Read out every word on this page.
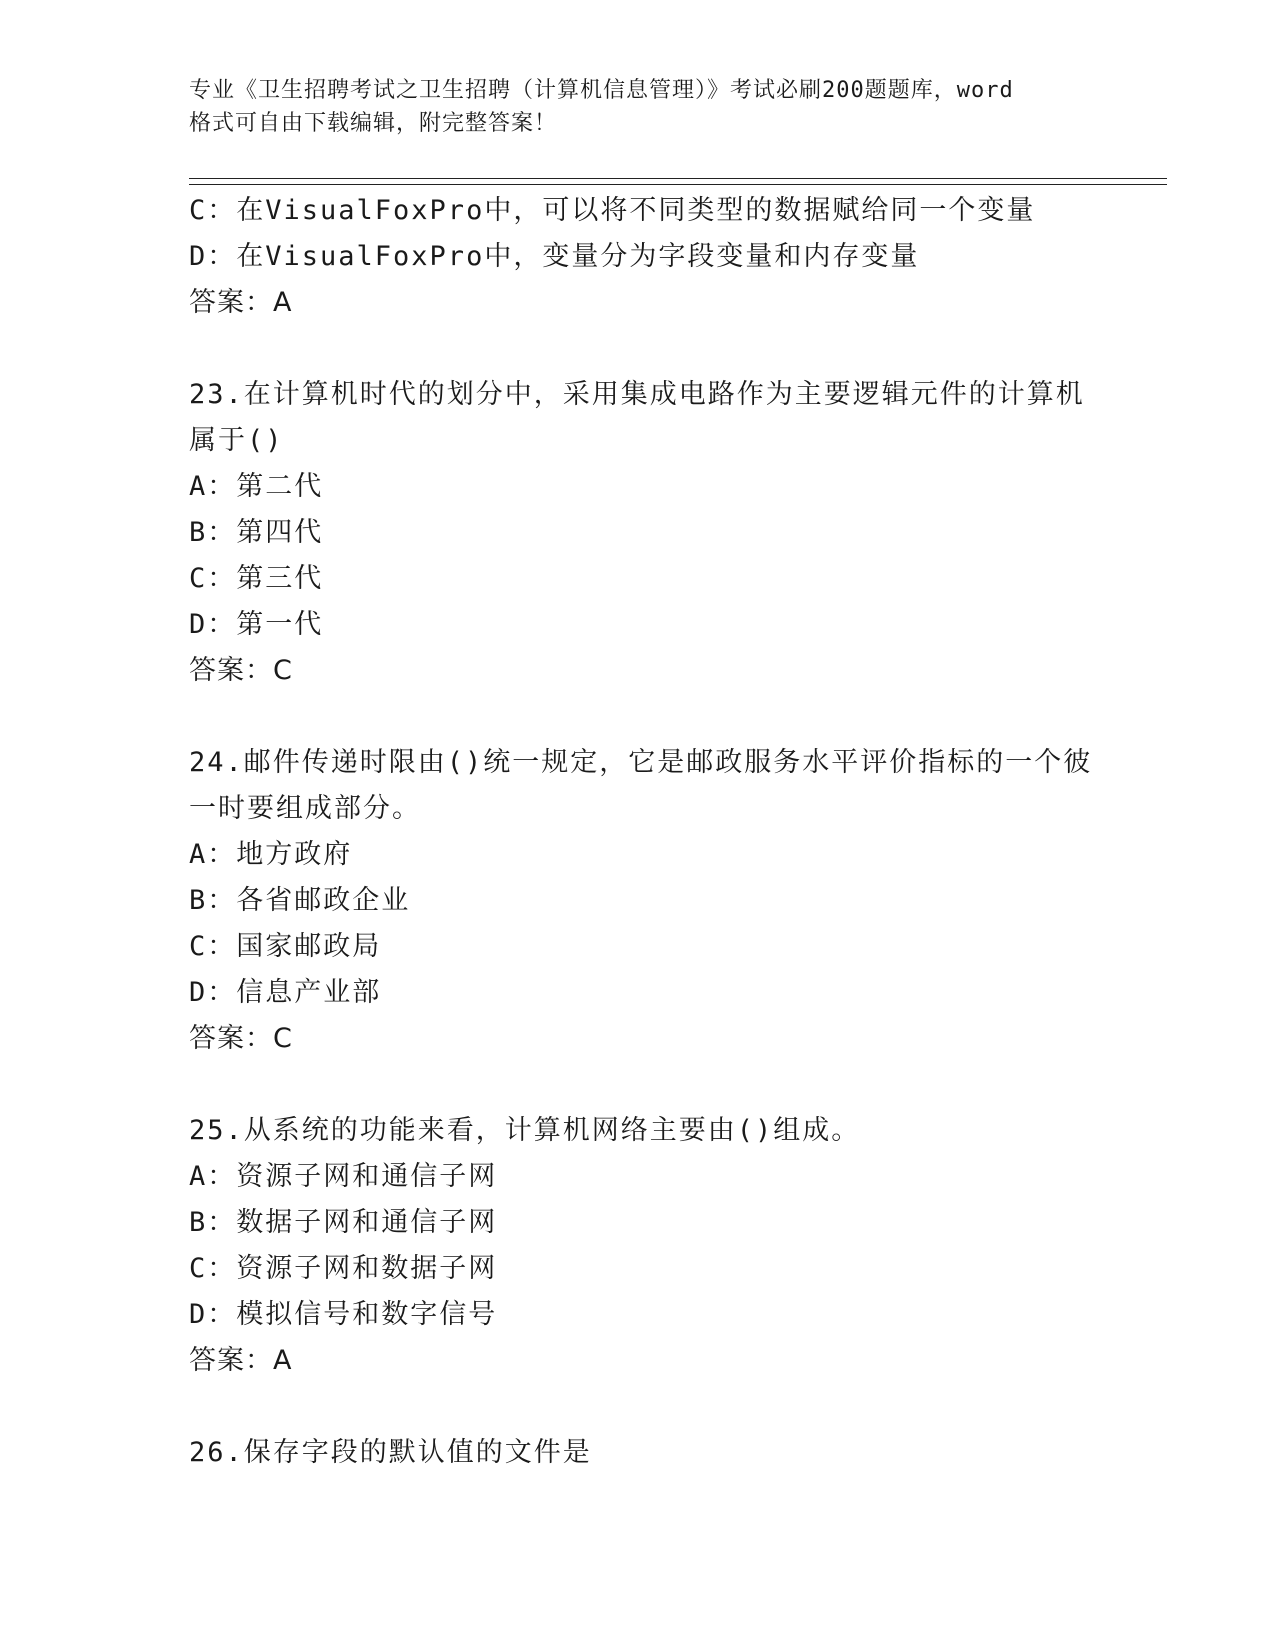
专业《卫生招聘考试之卫生招聘（计算机信息管理）》考试必刷200题题库，word
格式可自由下载编辑，附完整答案！
C：在VisualFoxPro中，可以将不同类型的数据赋给同一个变量
D：在VisualFoxPro中，变量分为字段变量和内存变量
答案：A
23.在计算机时代的划分中，采用集成电路作为主要逻辑元件的计算机
属于()
A：第二代
B：第四代
C：第三代
D：第一代
答案：C
24.邮件传递时限由()统一规定，它是邮政服务水平评价指标的一个彼
一时要组成部分。
A：地方政府
B：各省邮政企业
C：国家邮政局
D：信息产业部
答案：C
25.从系统的功能来看，计算机网络主要由()组成。
A：资源子网和通信子网
B：数据子网和通信子网
C：资源子网和数据子网
D：模拟信号和数字信号
答案：A
26.保存字段的默认值的文件是
